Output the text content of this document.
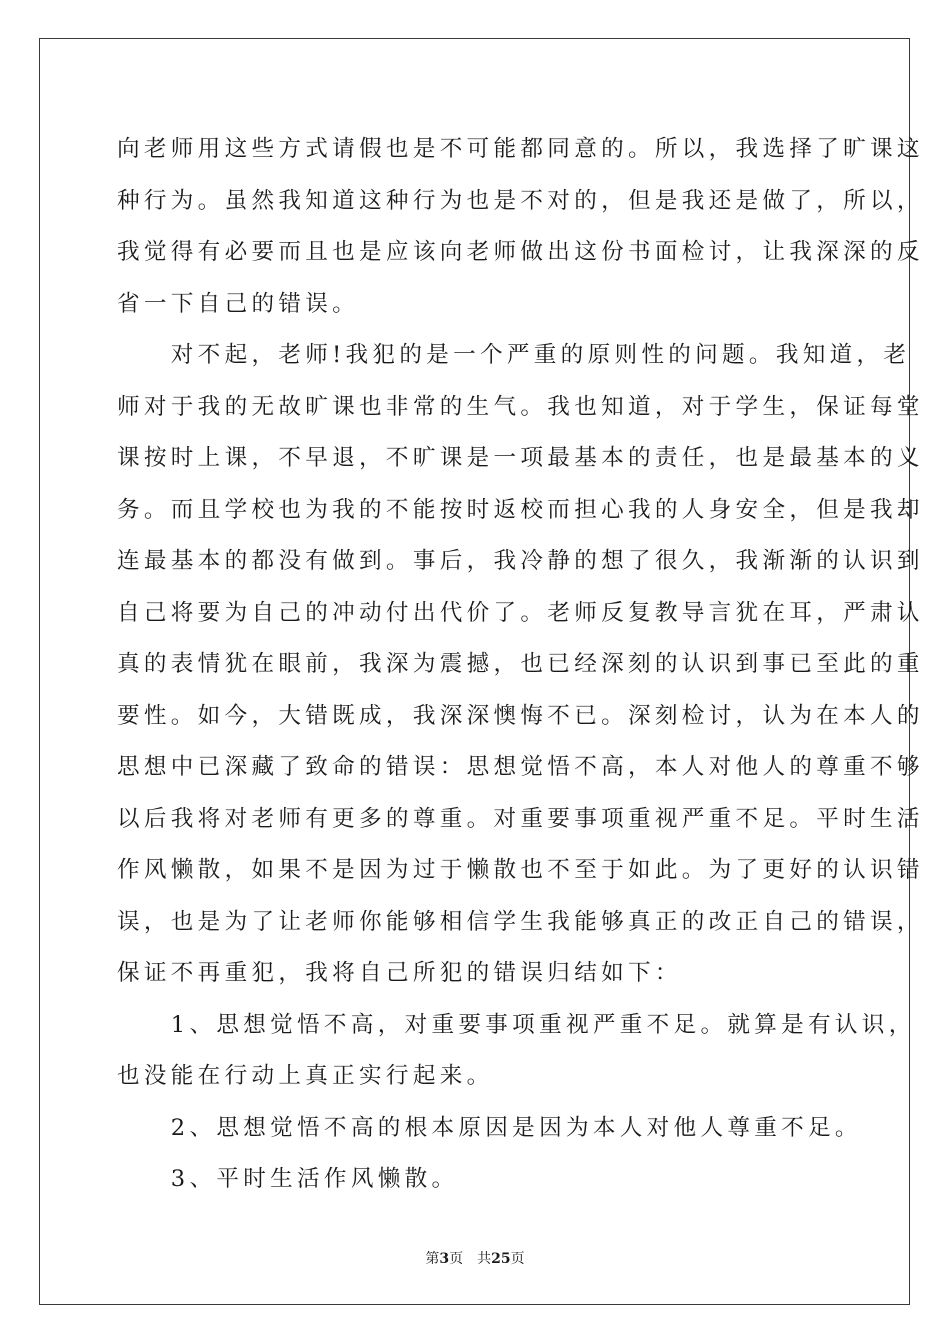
向老师用这些方式请假也是不可能都同意的。所以，我选择了旷课这
种行为。虽然我知道这种行为也是不对的，但是我还是做了，所以，
我觉得有必要而且也是应该向老师做出这份书面检讨，让我深深的反
省一下自己的错误。
　　对不起，老师!我犯的是一个严重的原则性的问题。我知道，老
师对于我的无故旷课也非常的生气。我也知道，对于学生，保证每堂
课按时上课，不早退，不旷课是一项最基本的责任，也是最基本的义
务。而且学校也为我的不能按时返校而担心我的人身安全，但是我却
连最基本的都没有做到。事后，我冷静的想了很久，我渐渐的认识到
自己将要为自己的冲动付出代价了。老师反复教导言犹在耳，严肃认
真的表情犹在眼前，我深为震撼，也已经深刻的认识到事已至此的重
要性。如今，大错既成，我深深懊悔不已。深刻检讨，认为在本人的
思想中已深藏了致命的错误：思想觉悟不高，本人对他人的尊重不够
以后我将对老师有更多的尊重。对重要事项重视严重不足。平时生活
作风懒散，如果不是因为过于懒散也不至于如此。为了更好的认识错
误，也是为了让老师你能够相信学生我能够真正的改正自己的错误，
保证不再重犯，我将自己所犯的错误归结如下：
　　1、思想觉悟不高，对重要事项重视严重不足。就算是有认识，
也没能在行动上真正实行起来。
　　2、思想觉悟不高的根本原因是因为本人对他人尊重不足。
　　3、平时生活作风懒散。
第3页 共25页
